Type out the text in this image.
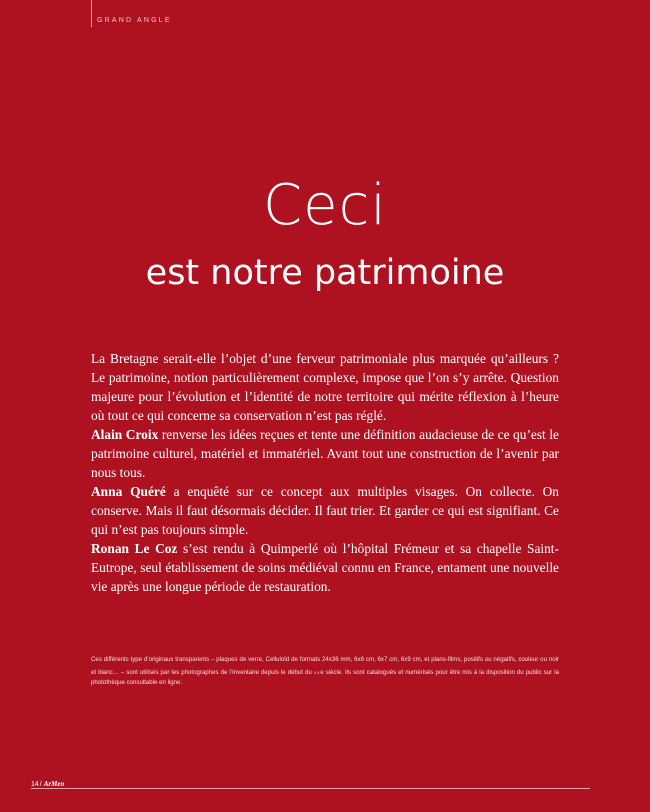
GRAND ANGLE
Ceci
est notre patrimoine

La Bretagne serait-elle l’objet d’une ferveur patrimoniale plus marquée qu’ailleurs ? Le patrimoine, notion particulièrement complexe, impose que l’on s’y arrête. Question majeure pour l’évolution et l’identité de notre territoire qui mérite réflexion à l’heure où tout ce qui concerne sa conservation n’est pas réglé.

Alain Croix renverse les idées reçues et tente une définition audacieuse de ce qu’est le patrimoine culturel, matériel et immatériel. Avant tout une construction de l’avenir par nous tous.

Anna Quéré a enquêté sur ce concept aux multiples visages. On collecte. On conserve. Mais il faut désormais décider. Il faut trier. Et garder ce qui est signifiant. Ce qui n’est pas toujours simple.

Ronan Le Coz s’est rendu à Quimperlé où l’hôpital Frémeur et sa chapelle Saint-Eutrope, seul établissement de soins médiéval connu en France, entament une nouvelle vie après une longue période de restauration.

Ces différents type d’originaux transparents – plaques de verre, Celluloïd de formats 24x36 mm, 6x6 cm, 6x7 cm, 6x9 cm, et plans-films, positifs ou négatifs, couleur ou noir et blanc… – sont utilisés par les photographes de l’Inventaire depuis le début du xxe siècle. Ils sont catalogués et numérisés pour être mis à la disposition du public sur la photothèque consultable en ligne.

14 / ArMen
